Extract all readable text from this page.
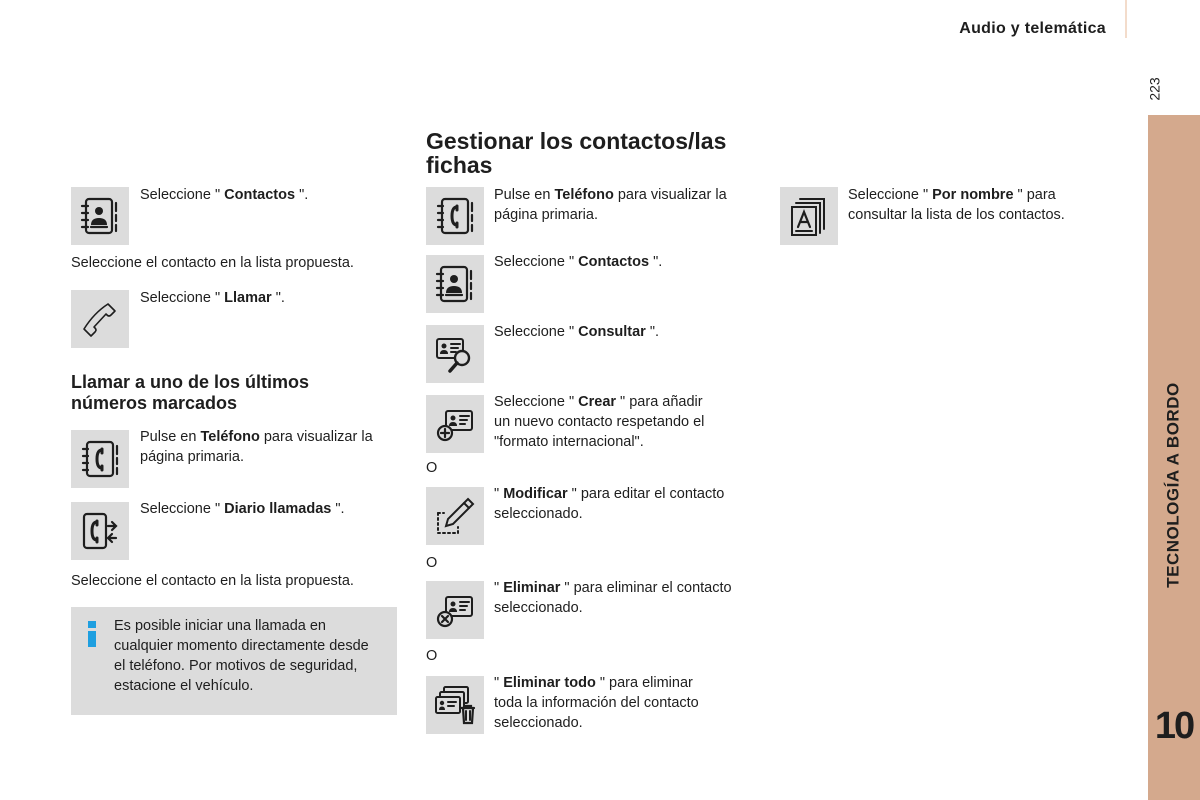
Audio y telemática
223
TECNOLOGÍA A BORDO
10
Seleccione " Contactos ".
Seleccione el contacto en la lista propuesta.
Seleccione " Llamar ".
Llamar a uno de los últimos
números marcados
Pulse en Teléfono para visualizar la
página primaria.
Seleccione " Diario llamadas ".
Seleccione el contacto en la lista propuesta.
Es posible iniciar una llamada en
cualquier momento directamente desde
el teléfono. Por motivos de seguridad,
estacione el vehículo.
Gestionar los contactos/las
fichas
Pulse en Teléfono para visualizar la
página primaria.
Seleccione " Contactos ".
Seleccione " Consultar ".
Seleccione " Crear " para añadir
un nuevo contacto respetando el
"formato internacional".
O
" Modificar " para editar el contacto
seleccionado.
O
" Eliminar " para eliminar el contacto
seleccionado.
O
" Eliminar todo " para eliminar
toda la información del contacto
seleccionado.
Seleccione " Por nombre " para
consultar la lista de los contactos.
